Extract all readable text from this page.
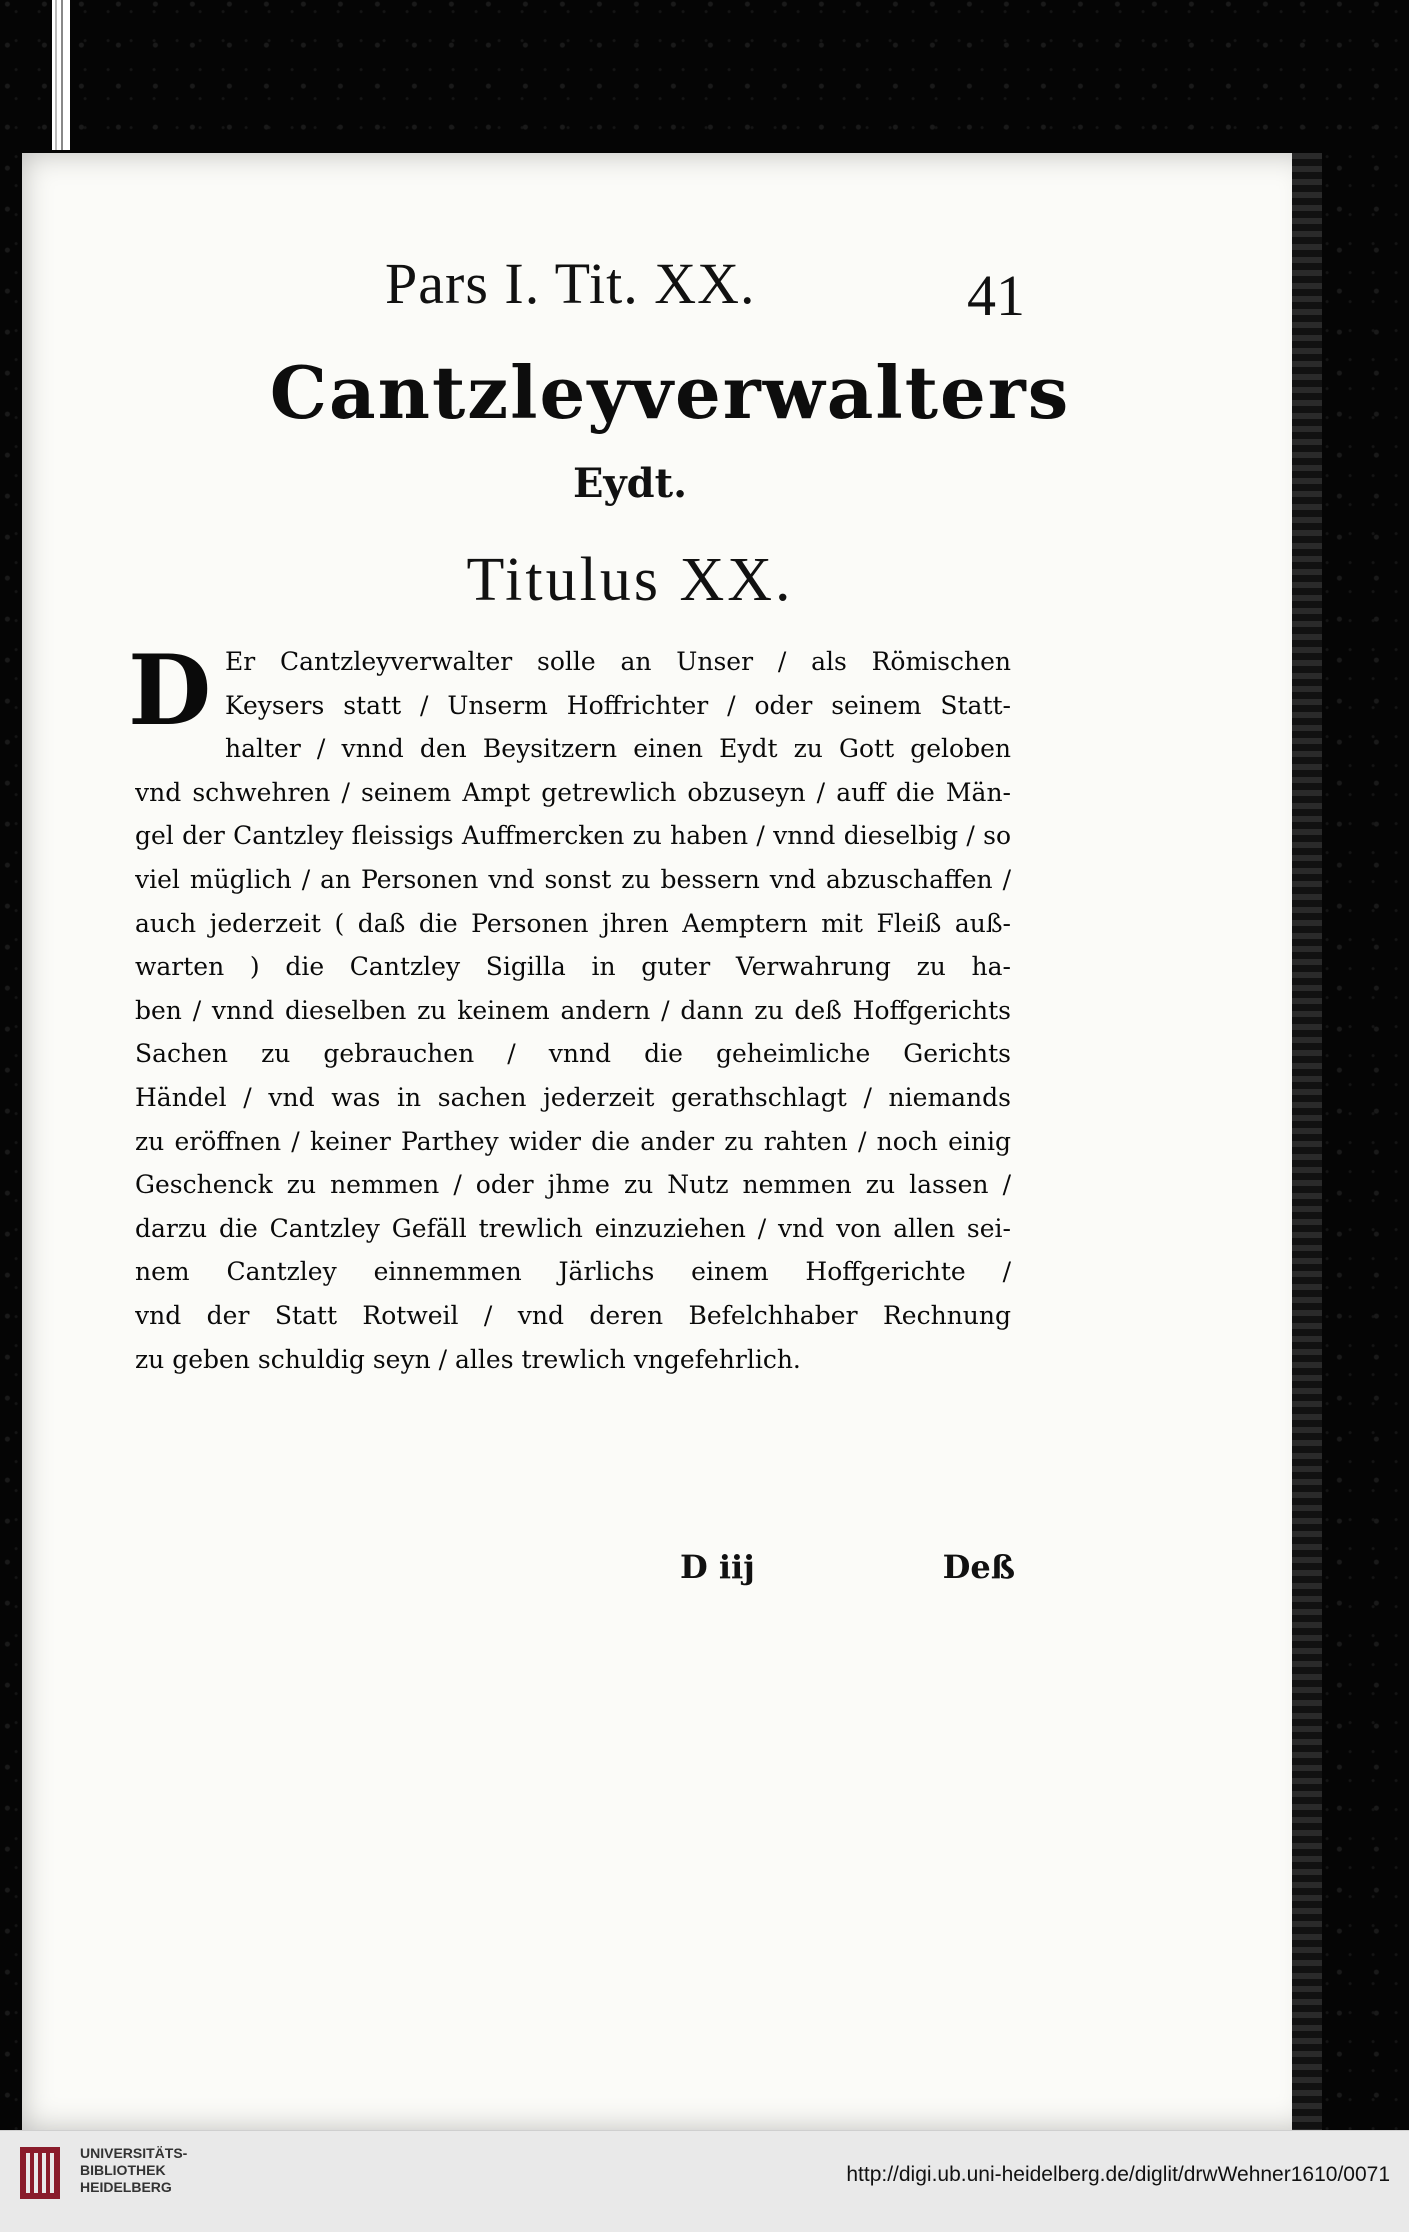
Pars I. Tit. XX.	41
Cantzleyverwalters
Eydt.
Titulus XX.
D Er Cantzleyverwalter solle an Unser / als Römischen
Keysers statt / Unserm Hoffrichter / oder seinem Statt-
halter / vnnd den Beysitzern einen Eydt zu Gott geloben
vnd schwehren / seinem Ampt getrewlich obzuseyn / auff die Män-
gel der Cantzley fleissigs Auffmercken zu haben / vnnd dieselbig / so
viel müglich / an Personen vnd sonst zu bessern vnd abzuschaffen /
auch jederzeit ( daß die Personen jhren Aemptern mit Fleiß auß-
warten ) die Cantzley Sigilla in guter Verwahrung zu ha-
ben / vnnd dieselben zu keinem andern / dann zu deß Hoffgerichts
Sachen zu gebrauchen / vnnd die geheimliche Gerichts
Händel / vnd was in sachen jederzeit gerathschlagt / niemands
zu eröffnen / keiner Parthey wider die ander zu rahten / noch einig
Geschenck zu nemmen / oder jhme zu Nutz nemmen zu lassen /
darzu die Cantzley Gefäll trewlich einzuziehen / vnd von allen sei-
nem Cantzley einnemmen Järlichs einem Hoffgerichte /
vnd der Statt Rotweil / vnd deren Befelchhaber Rechnung
zu geben schuldig seyn / alles trewlich vngefehrlich.
D iij	Deß
UNIVERSITÄTS-
BIBLIOTHEK
HEIDELBERG
http://digi.ub.uni-heidelberg.de/diglit/drwWehner1610/0071
